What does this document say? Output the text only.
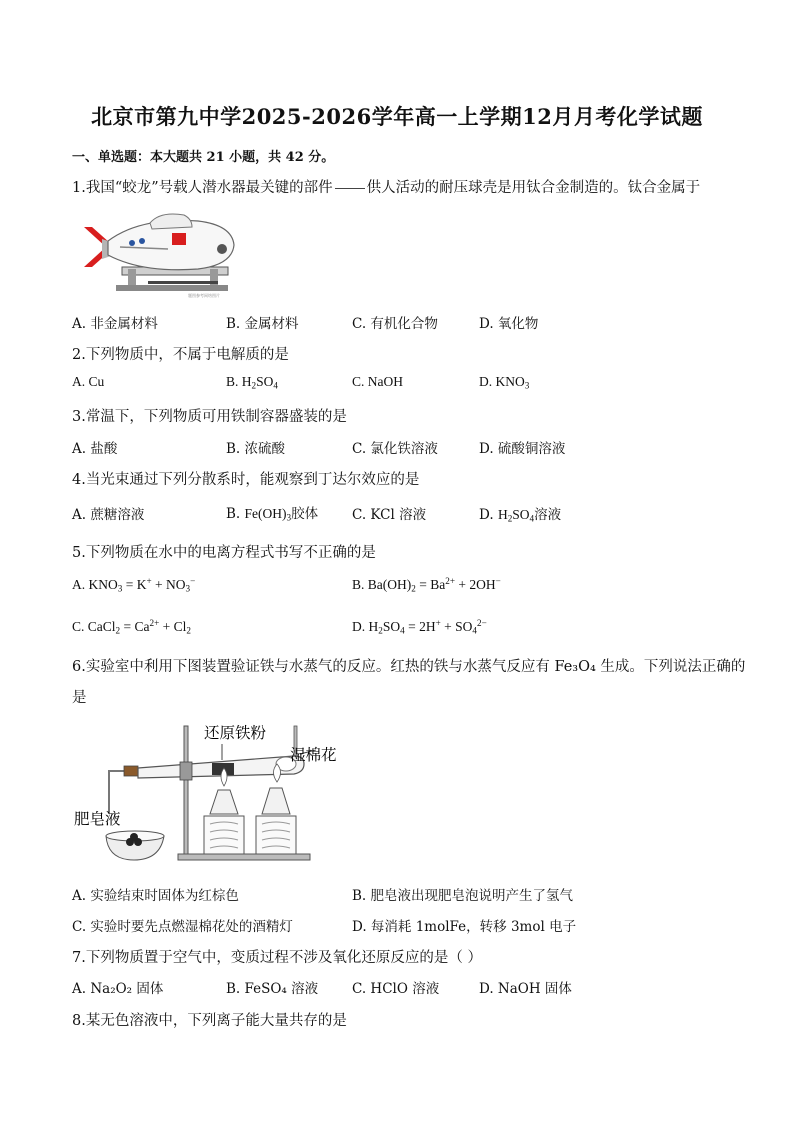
北京市第九中学2025-2026学年高一上学期12月月考化学试题
一、单选题：本大题共 21 小题，共 42 分。
1.我国“蛟龙”号载人潜水器最关键的部件 供人活动的耐压球壳是用钛合金制造的。钛合金属于
题图参考网络图片
A. 非金属材料	B. 金属材料	C. 有机化合物	D. 氧化物
2.下列物质中，不属于电解质的是
A. Cu	B. $H_2SO_4$	C. NaOH	D. $KNO_3$
3.常温下，下列物质可用铁制容器盛装的是
A. 盐酸	B. 浓硫酸	C. 氯化铁溶液	D. 硫酸铜溶液
4.当光束通过下列分散系时，能观察到丁达尔效应的是
A. 蔗糖溶液	B. $Fe(OH)_3$胶体	C. KCl 溶液	D. $H_2SO_4$溶液
5.下列物质在水中的电离方程式书写不正确的是
A. $KNO_3 = K^+ + NO_3^-$	B. $Ba(OH)_2 = Ba^{2+} + 2OH^-$
C. CaCl$_2$ = $Ca^{2+} + Cl_2$	D. $H_2SO_4 = 2H^+ + SO_4^{2-}$
6.实验室中利用下图装置验证铁与水蒸气的反应。红热的铁与水蒸气反应有 Fe₃O₄ 生成。下列说法正确的
是
还原铁粉
湿棉花
肥皂液
A. 实验结束时固体为红棕色	B. 肥皂液出现肥皂泡说明产生了氢气
C. 实验时要先点燃湿棉花处的酒精灯	D. 每消耗 1molFe，转移 3mol 电子
7.下列物质置于空气中，变质过程不涉及氧化还原反应的是（ ）
A. Na₂O₂ 固体	B. FeSO₄ 溶液	C. HClO 溶液	D. NaOH 固体
8.某无色溶液中，下列离子能大量共存的是
